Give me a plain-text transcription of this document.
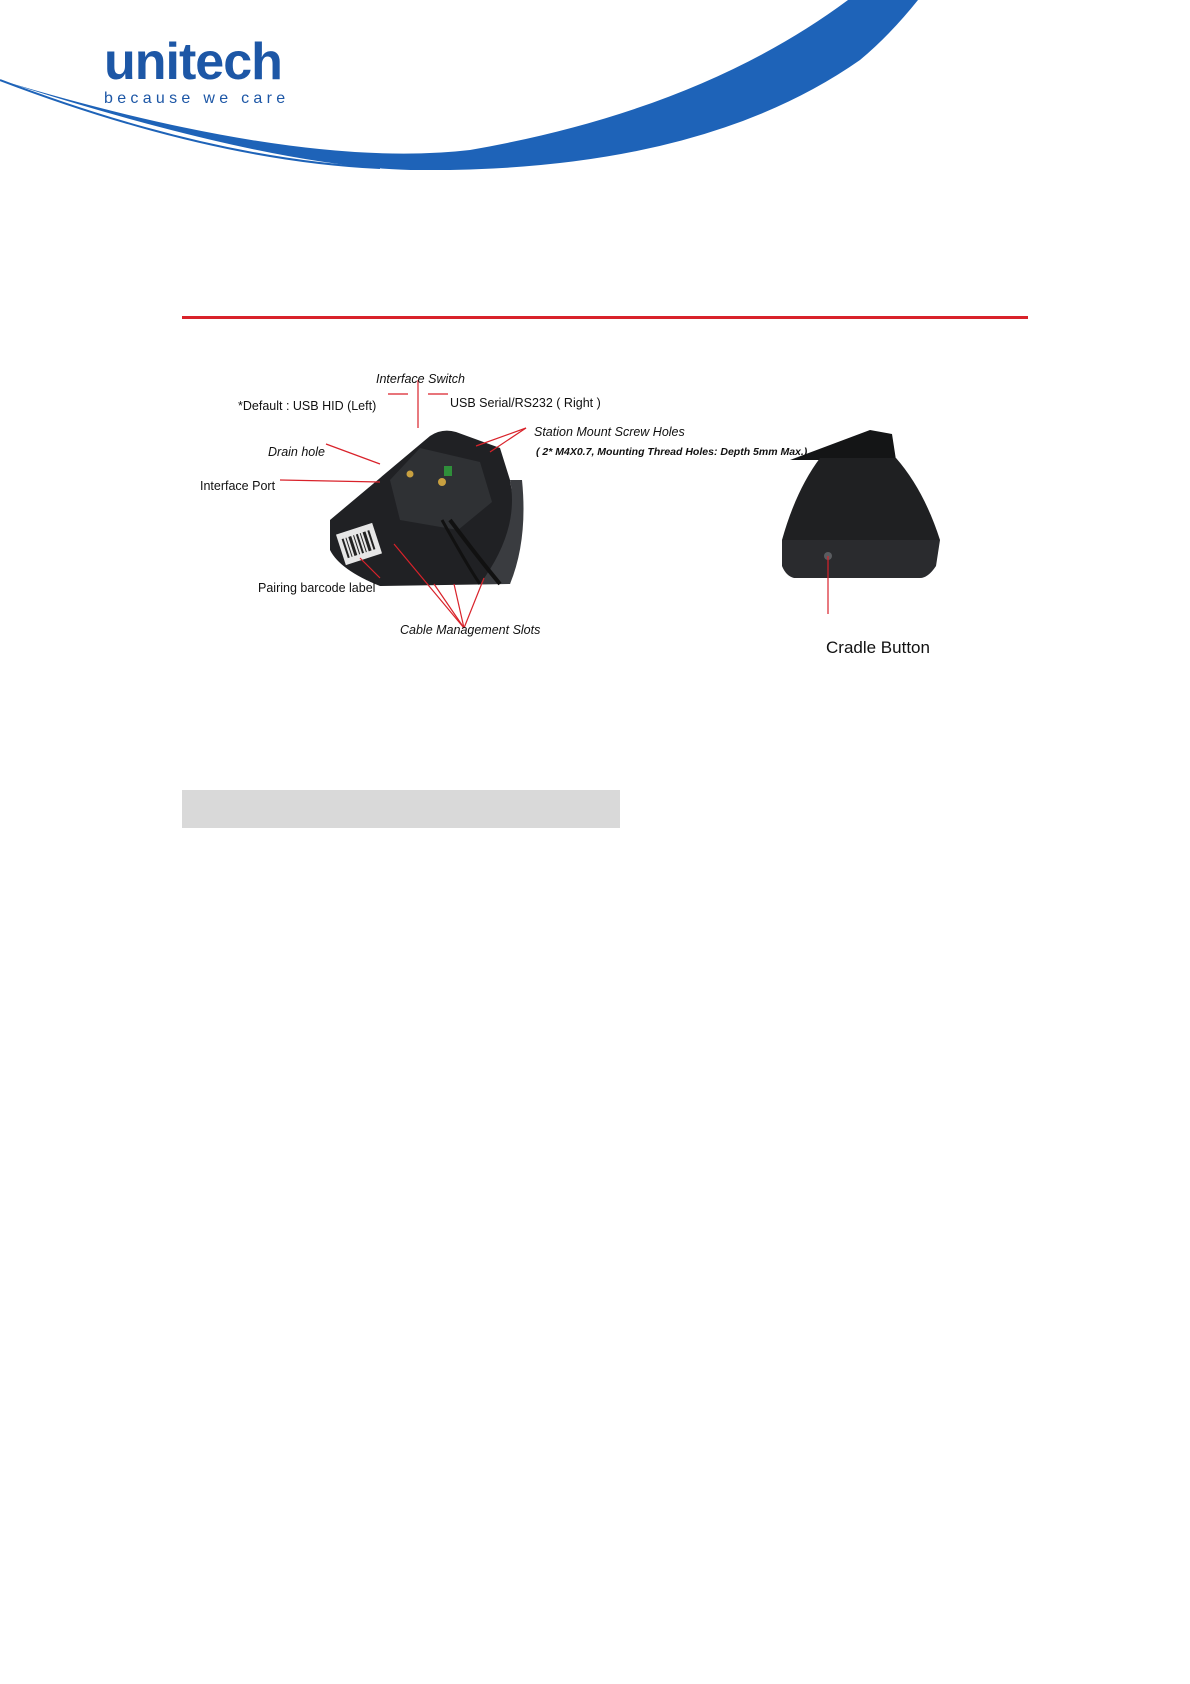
unitech
because we care
Interface Switch
*Default : USB HID (Left)	USB Serial/RS232 ( Right )
Station Mount Screw Holes
( 2* M4X0.7, Mounting Thread Holes: Depth 5mm Max.)
Drain hole
Interface Port
Pairing barcode label
Cable Management Slots
Cradle Button
